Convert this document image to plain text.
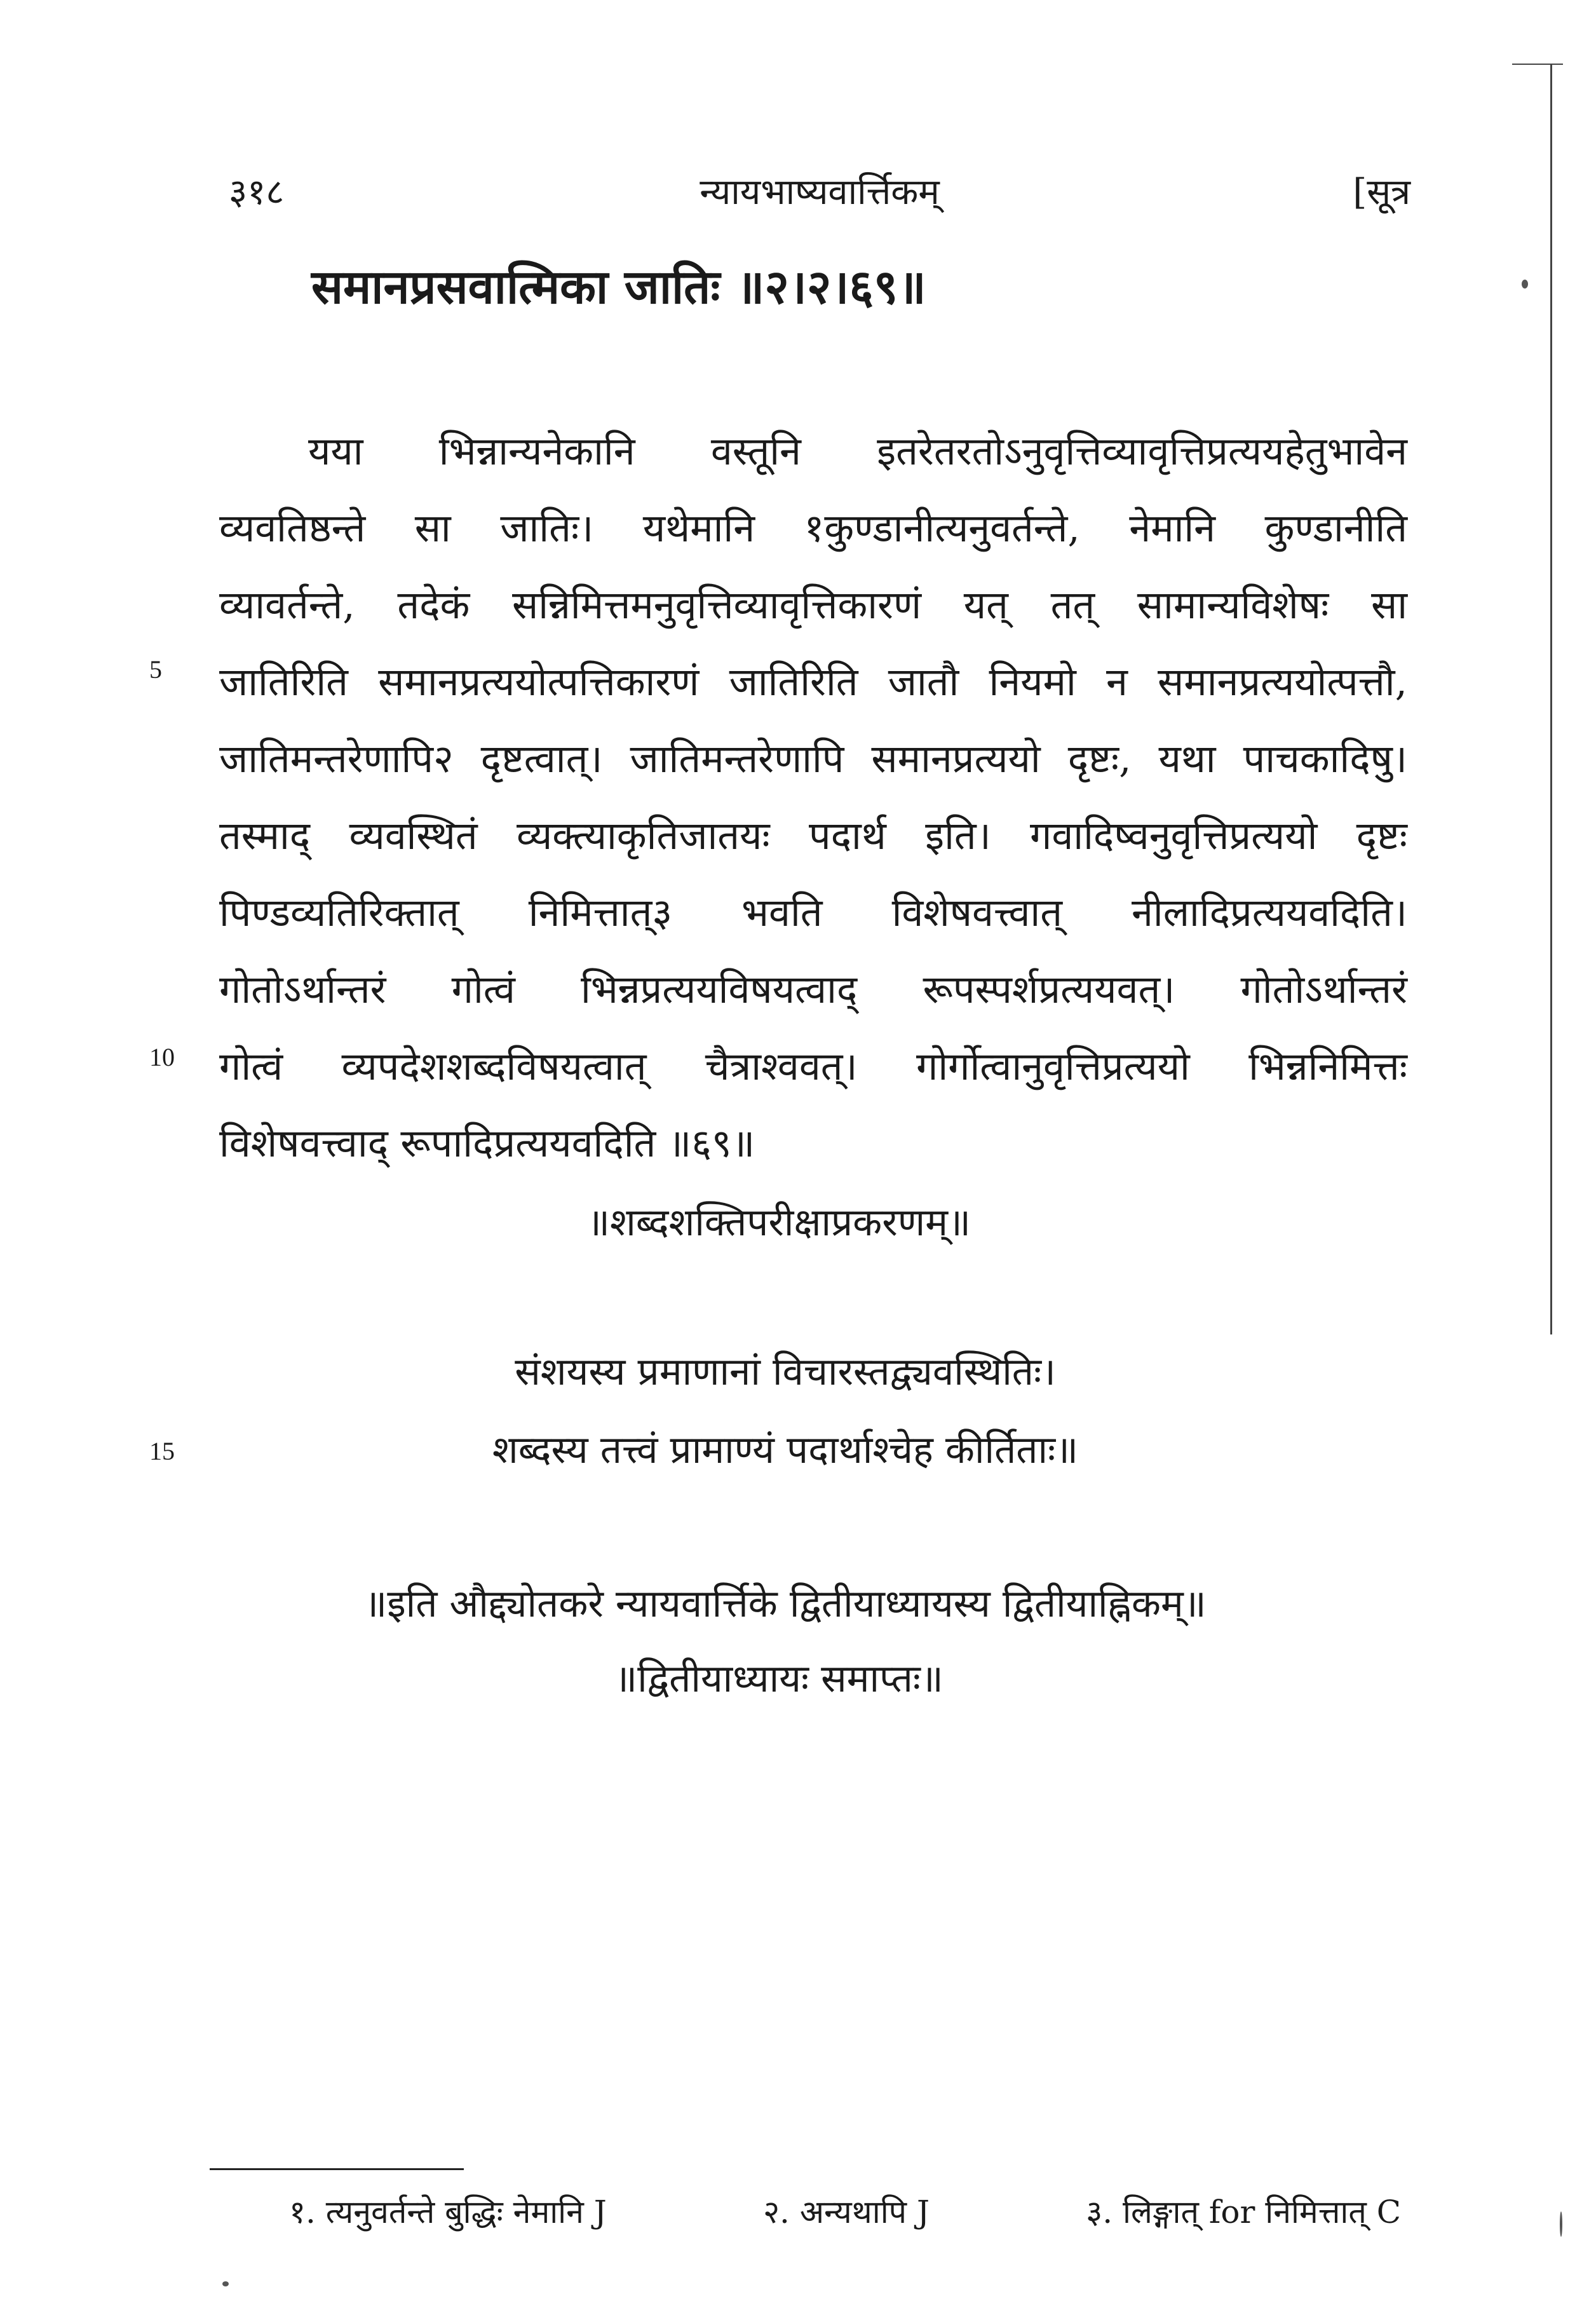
३१८	न्यायभाष्यवार्त्तिकम्	[सूत्र
समानप्रसवात्मिका जातिः ॥२।२।६९॥
यया भिन्नान्यनेकानि वस्तूनि इतरेतरतोऽनुवृत्तिव्यावृत्तिप्रत्ययहेतुभावेन
व्यवतिष्ठन्ते सा जातिः। यथेमानि १कुण्डानीत्यनुवर्तन्ते, नेमानि कुण्डानीति
व्यावर्तन्ते, तदेकं सन्निमित्तमनुवृत्तिव्यावृत्तिकारणं यत् तत् सामान्यविशेषः सा
जातिरिति समानप्रत्ययोत्पत्तिकारणं जातिरिति जातौ नियमो न समानप्रत्ययोत्पत्तौ,
जातिमन्तरेणापि२ दृष्टत्वात्। जातिमन्तरेणापि समानप्रत्ययो दृष्टः, यथा पाचकादिषु।
तस्माद् व्यवस्थितं व्यक्त्याकृतिजातयः पदार्थ इति। गवादिष्वनुवृत्तिप्रत्ययो दृष्टः
पिण्डव्यतिरिक्तात् निमित्तात्३ भवति विशेषवत्त्वात् नीलादिप्रत्ययवदिति।
गोतोऽर्थान्तरं गोत्वं भिन्नप्रत्ययविषयत्वाद् रूपस्पर्शप्रत्ययवत्। गोतोऽर्थान्तरं
गोत्वं व्यपदेशशब्दविषयत्वात् चैत्राश्ववत्। गोर्गोत्वानुवृत्तिप्रत्ययो भिन्ननिमित्तः
विशेषवत्त्वाद् रूपादिप्रत्ययवदिति ॥६९॥
5
10
15
॥शब्दशक्तिपरीक्षाप्रकरणम्॥
संशयस्य प्रमाणानां विचारस्तद्व्यवस्थितिः।
शब्दस्य तत्त्वं प्रामाण्यं पदार्थाश्चेह कीर्तिताः॥
॥इति औद्द्योतकरे न्यायवार्त्तिके द्वितीयाध्यायस्य द्वितीयाह्निकम्॥
॥द्वितीयाध्यायः समाप्तः॥
१. त्यनुवर्तन्ते बुद्धिः नेमानि J	२. अन्यथापि J	३. लिङ्गात् for निमित्तात् C
